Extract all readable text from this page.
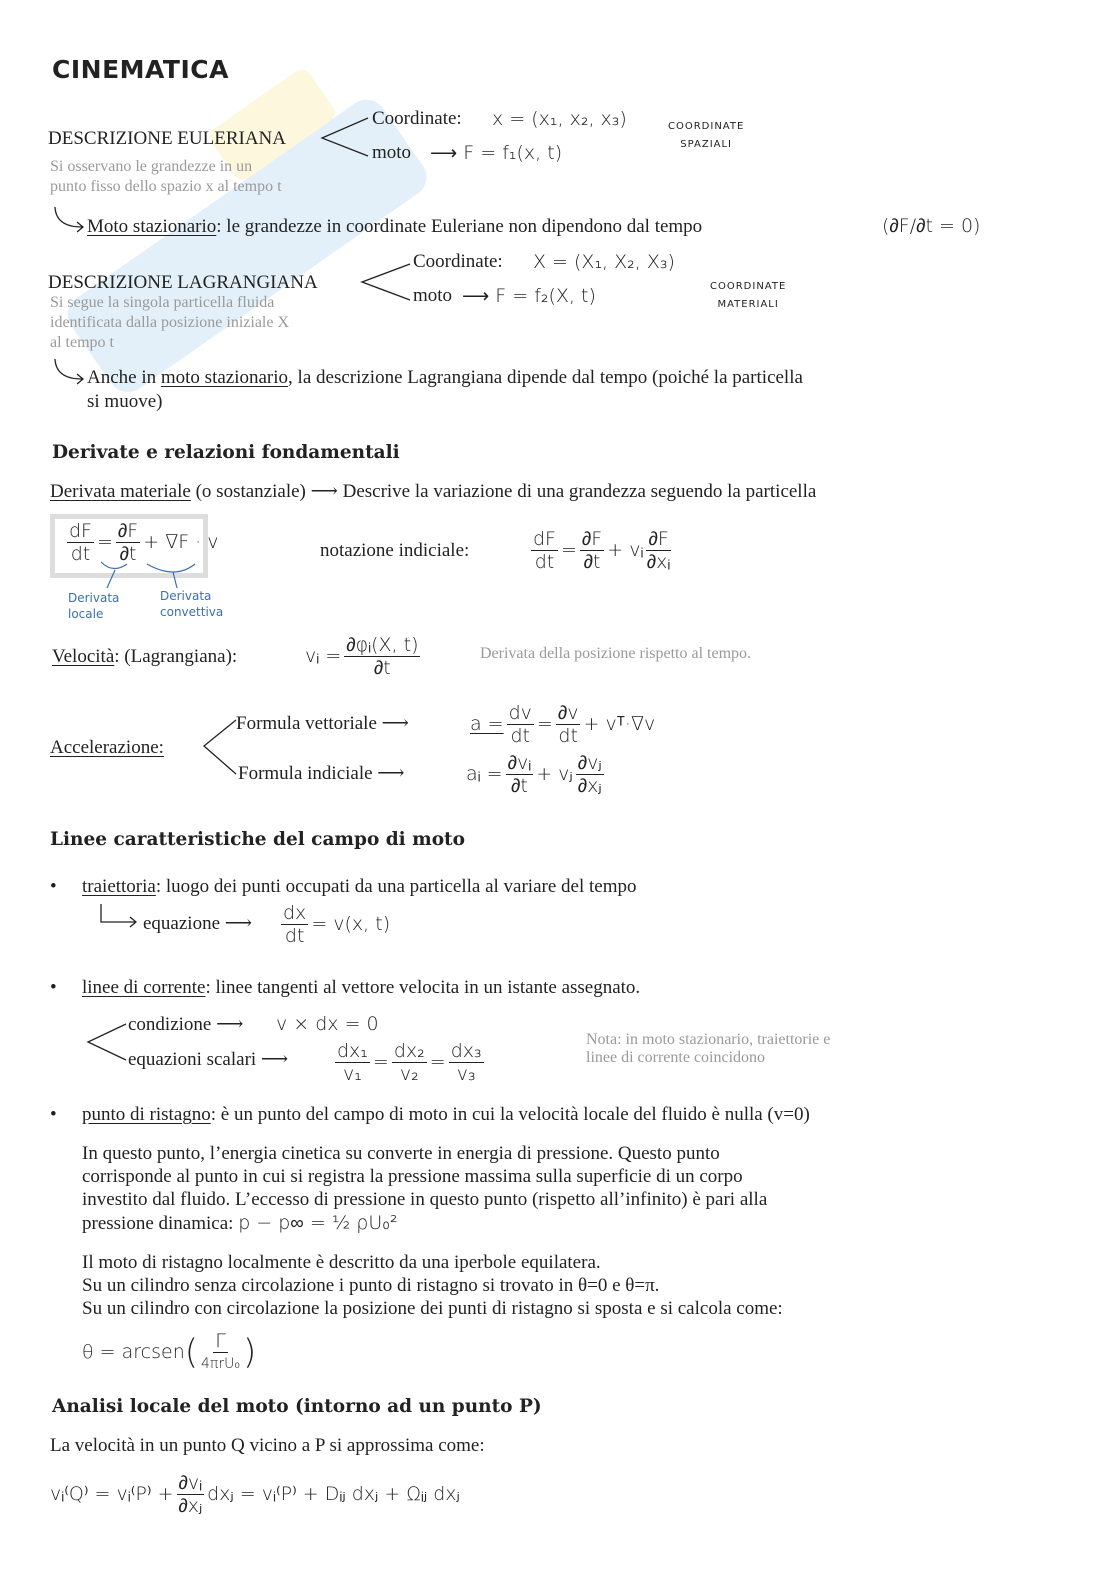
CINEMATICA
DESCRIZIONE EULERIANA
Coordinate: x = (x₁, x₂, x₃)
moto ⟶ F = f₁(x, t)
COORDINATE
SPAZIALI
Si osservano le grandezze in un
punto fisso dello spazio x al tempo t
Moto stazionario: le grandezze in coordinate Euleriane non dipendono dal tempo	(∂F/∂t = 0)
DESCRIZIONE LAGRANGIANA
Coordinate: X = (X₁, X₂, X₃)
moto ⟶ F = f₂(X, t)	COORDINATE
MATERIALI
Si segue la singola particella fluida
identificata dalla posizione iniziale X
al tempo t
Anche in moto stazionario, la descrizione Lagrangiana dipende dal tempo (poiché la particella
si muove)
Derivate e relazioni fondamentali
Derivata materiale (o sostanziale) ⟶ Descrive la variazione di una grandezza seguendo la particella
$\frac{dF}{dt} = \frac{\partial F}{\partial t} + \nabla F \cdot v$
Derivata
locale
Derivata
convettiva
notazione indiciale:	$\frac{dF}{dt} = \frac{\partial F}{\partial t}$ + vᵢ $\frac{\partial F}{\text{∂xᵢ}}$
Velocità: (Lagrangiana):	vᵢ = $\frac{\text{∂φᵢ(X, t)}}{\partial t}$	Derivata della posizione rispetto al tempo.
Accelerazione:
Formula vettoriale ⟶	$a = \frac{dv}{dt} = \frac{\partial v}{dt}$ + vᵀ·∇v
Formula indiciale ⟶	aᵢ = $\frac{\text{∂vᵢ}}{\partial t}$ + vⱼ $\frac{\text{∂vⱼ}}{\text{∂xⱼ}}$
Linee caratteristiche del campo di moto
• traiettoria: luogo dei punti occupati da una particella al variare del tempo
equazione ⟶ $\frac{dx}{dt} = v(x$, t)
• linee di corrente: linee tangenti al vettore velocita in un istante assegnato.
condizione ⟶ v × dx = 0
equazioni scalari ⟶ $\frac{\text{dx₁}}{\text{v₁}} = \frac{\text{dx₂}}{\text{v₂}} = \frac{\text{dx₃}}{\text{v₃}}$
Nota: in moto stazionario, traiettorie e
linee di corrente coincidono
• punto di ristagno: è un punto del campo di moto in cui la velocità locale del fluido è nulla (v=0)
In questo punto, l’energia cinetica su converte in energia di pressione. Questo punto
corrisponde al punto in cui si registra la pressione massima sulla superficie di un corpo
investito dal fluido. L’eccesso di pressione in questo punto (rispetto all’infinito) è pari alla
pressione dinamica: p − p∞ = ½ ρU₀²
Il moto di ristagno localmente è descritto da una iperbole equilatera.
Su un cilindro senza circolazione i punto di ristagno si trovato in θ=0 e θ=π.
Su un cilindro con circolazione la posizione dei punti di ristagno si sposta e si calcola come:
θ = arcsen( $\frac{\Gamma}{\text{4πrU₀}}$ )
Analisi locale del moto (intorno ad un punto P)
La velocità in un punto Q vicino a P si approssima come:
vᵢ⁽Q⁾ = vᵢ⁽P⁾ + $\frac{\text{∂vᵢ}}{\text{∂xⱼ}}$ dxⱼ = vᵢ⁽P⁾ + Dᵢⱼ dxⱼ + Ωᵢⱼ dxⱼ
